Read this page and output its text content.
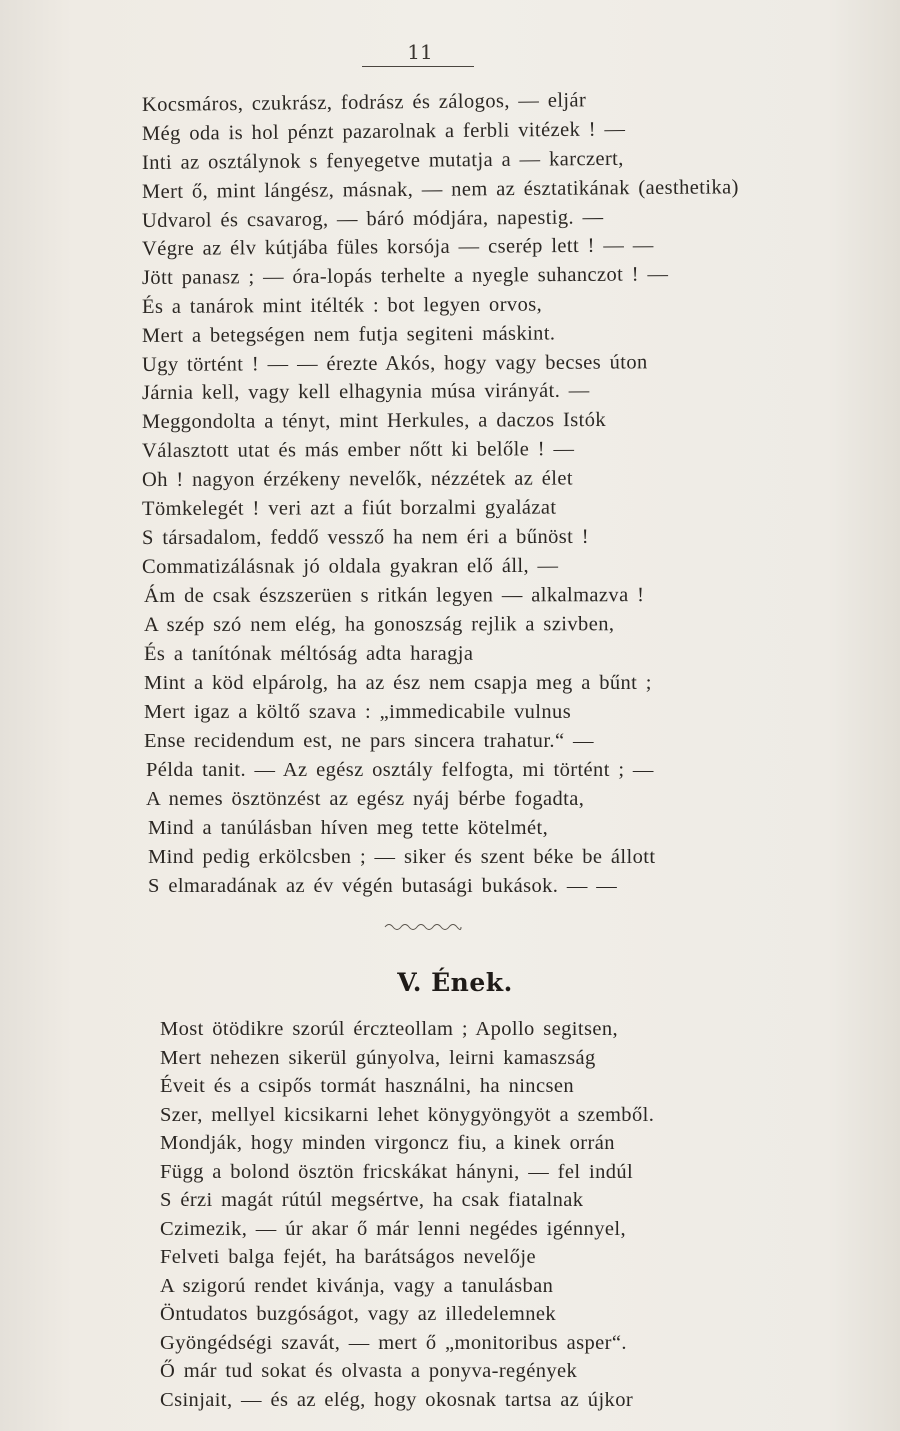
11
Kocsmáros, czukrász, fodrász és zálogos, — eljár
Még oda is hol pénzt pazarolnak a ferbli vitézek ! —
Inti az osztálynok s fenyegetve mutatja a — karczert,
Mert ő, mint lángész, másnak, — nem az észtatikának (aesthetika)
Udvarol és csavarog, — báró módjára, napestig. —
Végre az élv kútjába füles korsója — cserép lett ! — —
Jött panasz ; — óra-lopás terhelte a nyegle suhanczot ! —
És a tanárok mint itélték : bot legyen orvos,
Mert a betegségen nem futja segiteni máskint.
Ugy történt ! — — érezte Akós, hogy vagy becses úton
Járnia kell, vagy kell elhagynia músa virányát. —
Meggondolta a tényt, mint Herkules, a daczos Istók
Választott utat és más ember nőtt ki belőle ! —
Oh ! nagyon érzékeny nevelők, nézzétek az élet
Tömkelegét ! veri azt a fiút borzalmi gyalázat
S társadalom, feddő vessző ha nem éri a bűnöst !
Commatizálásnak jó oldala gyakran elő áll, —
Ám de csak észszerüen s ritkán legyen — alkalmazva !
A szép szó nem elég, ha gonoszság rejlik a szivben,
És a tanítónak méltóság adta haragja
Mint a köd elpárolg, ha az ész nem csapja meg a bűnt ;
Mert igaz a költő szava : „immedicabile vulnus
Ense recidendum est, ne pars sincera trahatur.“ —
Példa tanit. — Az egész osztály felfogta, mi történt ; —
A nemes ösztönzést az egész nyáj bérbe fogadta,
Mind a tanúlásban híven meg tette kötelmét,
Mind pedig erkölcsben ; — siker és szent béke be állott
S elmaradának az év végén butasági bukások. — —
V. Ének.
Most ötödikre szorúl érczteollam ; Apollo segitsen,
Mert nehezen sikerül gúnyolva, leirni kamaszság
Éveit és a csipős tormát használni, ha nincsen
Szer, mellyel kicsikarni lehet könygyöngyöt a szemből.
Mondják, hogy minden virgoncz fiu, a kinek orrán
Függ a bolond ösztön fricskákat hányni, — fel indúl
S érzi magát rútúl megsértve, ha csak fiatalnak
Czimezik, — úr akar ő már lenni negédes igénnyel,
Felveti balga fejét, ha barátságos nevelője
A szigorú rendet kivánja, vagy a tanulásban
Öntudatos buzgóságot, vagy az illedelemnek
Gyöngédségi szavát, — mert ő „monitoribus asper“.
Ő már tud sokat és olvasta a ponyva-regények
Csinjait, — és az elég, hogy okosnak tartsa az újkor
